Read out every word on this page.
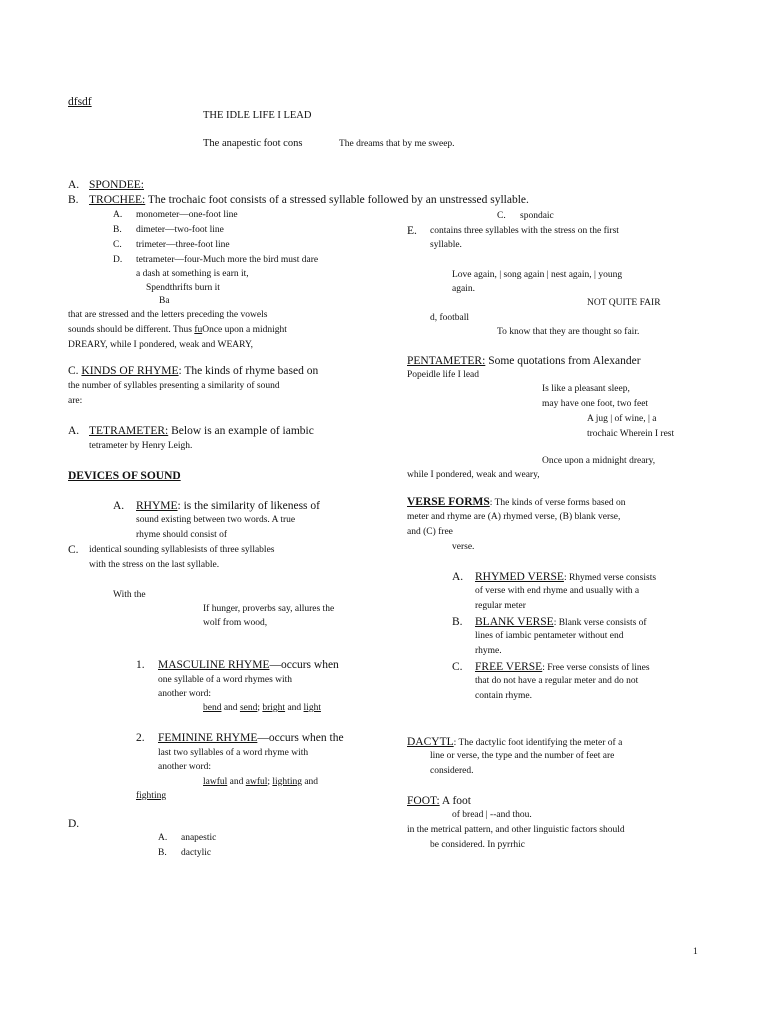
dfsdf
THE IDLE LIFE I LEAD
The anapestic foot cons	The dreams that by me sweep.
A. SPONDEE:
B. TROCHEE: The trochaic foot consists of a stressed syllable followed by an unstressed syllable.
A. monometer—one-foot line
B. dimeter—two-foot line
C. trimeter—three-foot line
D. tetrameter—four-Much more the bird must dare
a dash at something is earn it,
Spendthrifts burn it
Ba
that are stressed and the letters preceding the vowels
sounds should be different. Thus fuOnce upon a midnight
DREARY, while I pondered, weak and WEARY,
C. KINDS OF RHYME: The kinds of rhyme based on
the number of syllables presenting a similarity of sound
are:
A. TETRAMETER: Below is an example of iambic
tetrameter by Henry Leigh.
DEVICES OF SOUND
A. RHYME: is the similarity of likeness of
sound existing between two words. A true
rhyme should consist of
C. identical sounding syllablesists of three syllables
with the stress on the last syllable.
With the
If hunger, proverbs say, allures the
wolf from wood,
1. MASCULINE RHYME—occurs when
one syllable of a word rhymes with
another word:
bend and send; bright and light
2. FEMININE RHYME—occurs when the
last two syllables of a word rhyme with
another word:
lawful and awful; lighting and
fighting
D.
A. anapestic
B. dactylic
C. spondaic
E. contains three syllables with the stress on the first
syllable.
Love again, | song again | nest again, | young
again.
NOT QUITE FAIR
d, football
To know that they are thought so fair.
PENTAMETER: Some quotations from Alexander
Popeidle life I lead
Is like a pleasant sleep,
may have one foot, two feet
A jug | of wine, | a
trochaic Wherein I rest
Once upon a midnight dreary,
while I pondered, weak and weary,
VERSE FORMS: The kinds of verse forms based on
meter and rhyme are (A) rhymed verse, (B) blank verse,
and (C) free
verse.
A. RHYMED VERSE: Rhymed verse consists
of verse with end rhyme and usually with a
regular meter
B. BLANK VERSE: Blank verse consists of
lines of iambic pentameter without end
rhyme.
C. FREE VERSE: Free verse consists of lines
that do not have a regular meter and do not
contain rhyme.
DACYTL: The dactylic foot identifying the meter of a
line or verse, the type and the number of feet are
considered.
FOOT: A foot
of bread | --and thou.
in the metrical pattern, and other linguistic factors should
be considered. In pyrrhic
1
